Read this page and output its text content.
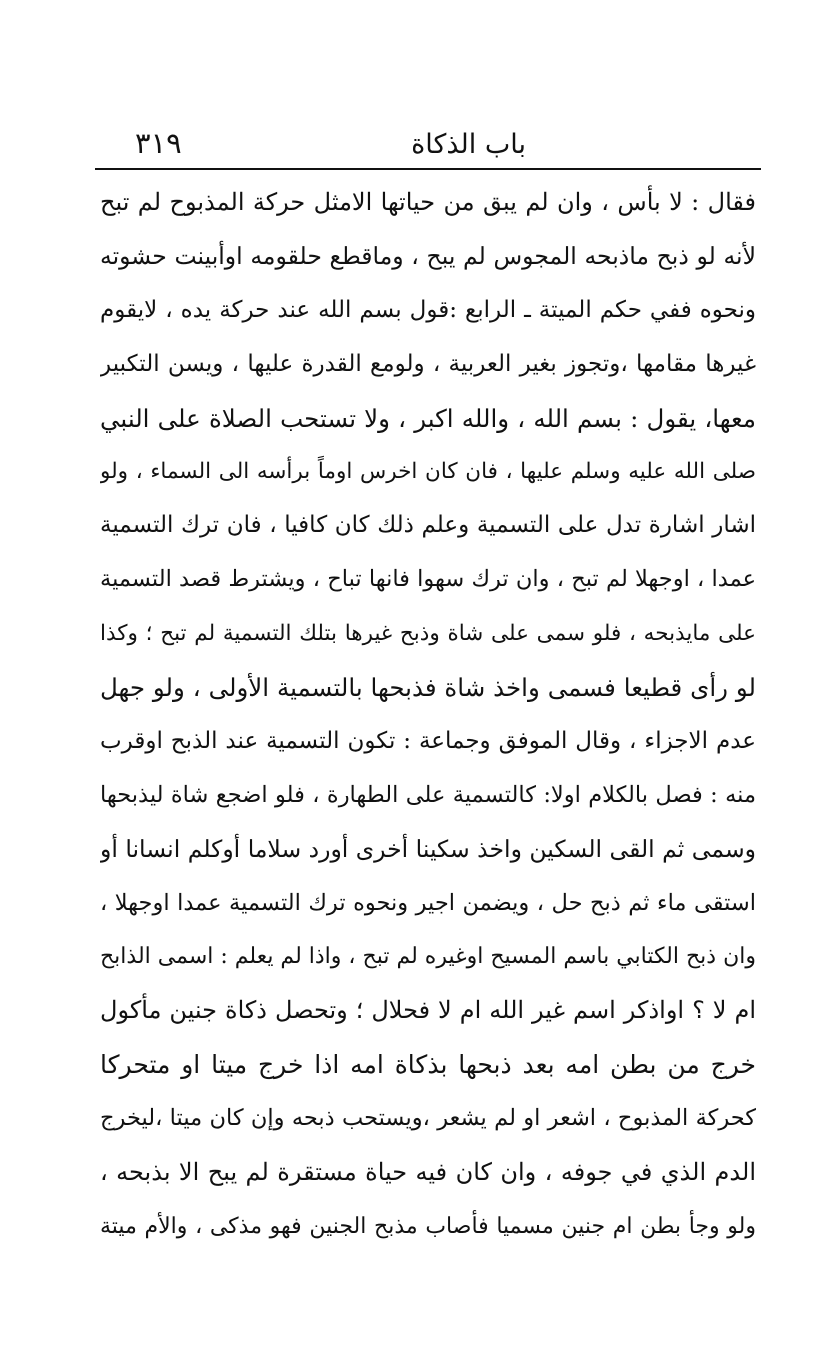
باب الذكاة
٣١٩
فقال : لا بأس ، وان لم يبق من حياتها الامثل حركة المذبوح لم تبح
لأنه لو ذبح ماذبحه المجوس لم يبح ، وماقطع حلقومه اوأبينت حشوته
ونحوه ففي حكم الميتة ـ الرابع :قول بسم الله عند حركة يده ، لايقوم
غيرها مقامها ،وتجوز بغير العربية ، ولومع القدرة عليها ، ويسن التكبير
معها، يقول : بسم الله ، والله اكبر ، ولا تستحب الصلاة على النبي
صلى الله عليه وسلم عليها ، فان كان اخرس اوماً برأسه الى السماء ، ولو
اشار اشارة تدل على التسمية وعلم ذلك كان كافيا ، فان ترك التسمية
عمدا ، اوجهلا لم تبح ، وان ترك سهوا فانها تباح ، ويشترط قصد التسمية
على مايذبحه ، فلو سمى على شاة وذبح غيرها بتلك التسمية لم تبح ؛ وكذا
لو رأى قطيعا فسمى واخذ شاة فذبحها بالتسمية الأولى ، ولو جهل
عدم الاجزاء ، وقال الموفق وجماعة : تكون التسمية عند الذبح اوقرب
منه : فصل بالكلام اولا: كالتسمية على الطهارة ، فلو اضجع شاة ليذبحها
وسمى ثم القى السكين واخذ سكينا أخرى أورد سلاما أوكلم انسانا أو
استقى ماء ثم ذبح حل ، ويضمن اجير ونحوه ترك التسمية عمدا اوجهلا ،
وان ذبح الكتابي باسم المسيح اوغيره لم تبح ، واذا لم يعلم : اسمى الذابح
ام لا ؟ اواذكر اسم غير الله ام لا فحلال ؛ وتحصل ذكاة جنين مأكول
خرج من بطن امه بعد ذبحها بذكاة امه اذا خرج ميتا او متحركا
كحركة المذبوح ، اشعر او لم يشعر ،ويستحب ذبحه وإن كان ميتا ،ليخرج
الدم الذي في جوفه ، وان كان فيه حياة مستقرة لم يبح الا بذبحه ،
ولو وجأ بطن ام جنين مسميا فأصاب مذبح الجنين فهو مذكى ، والأم ميتة
